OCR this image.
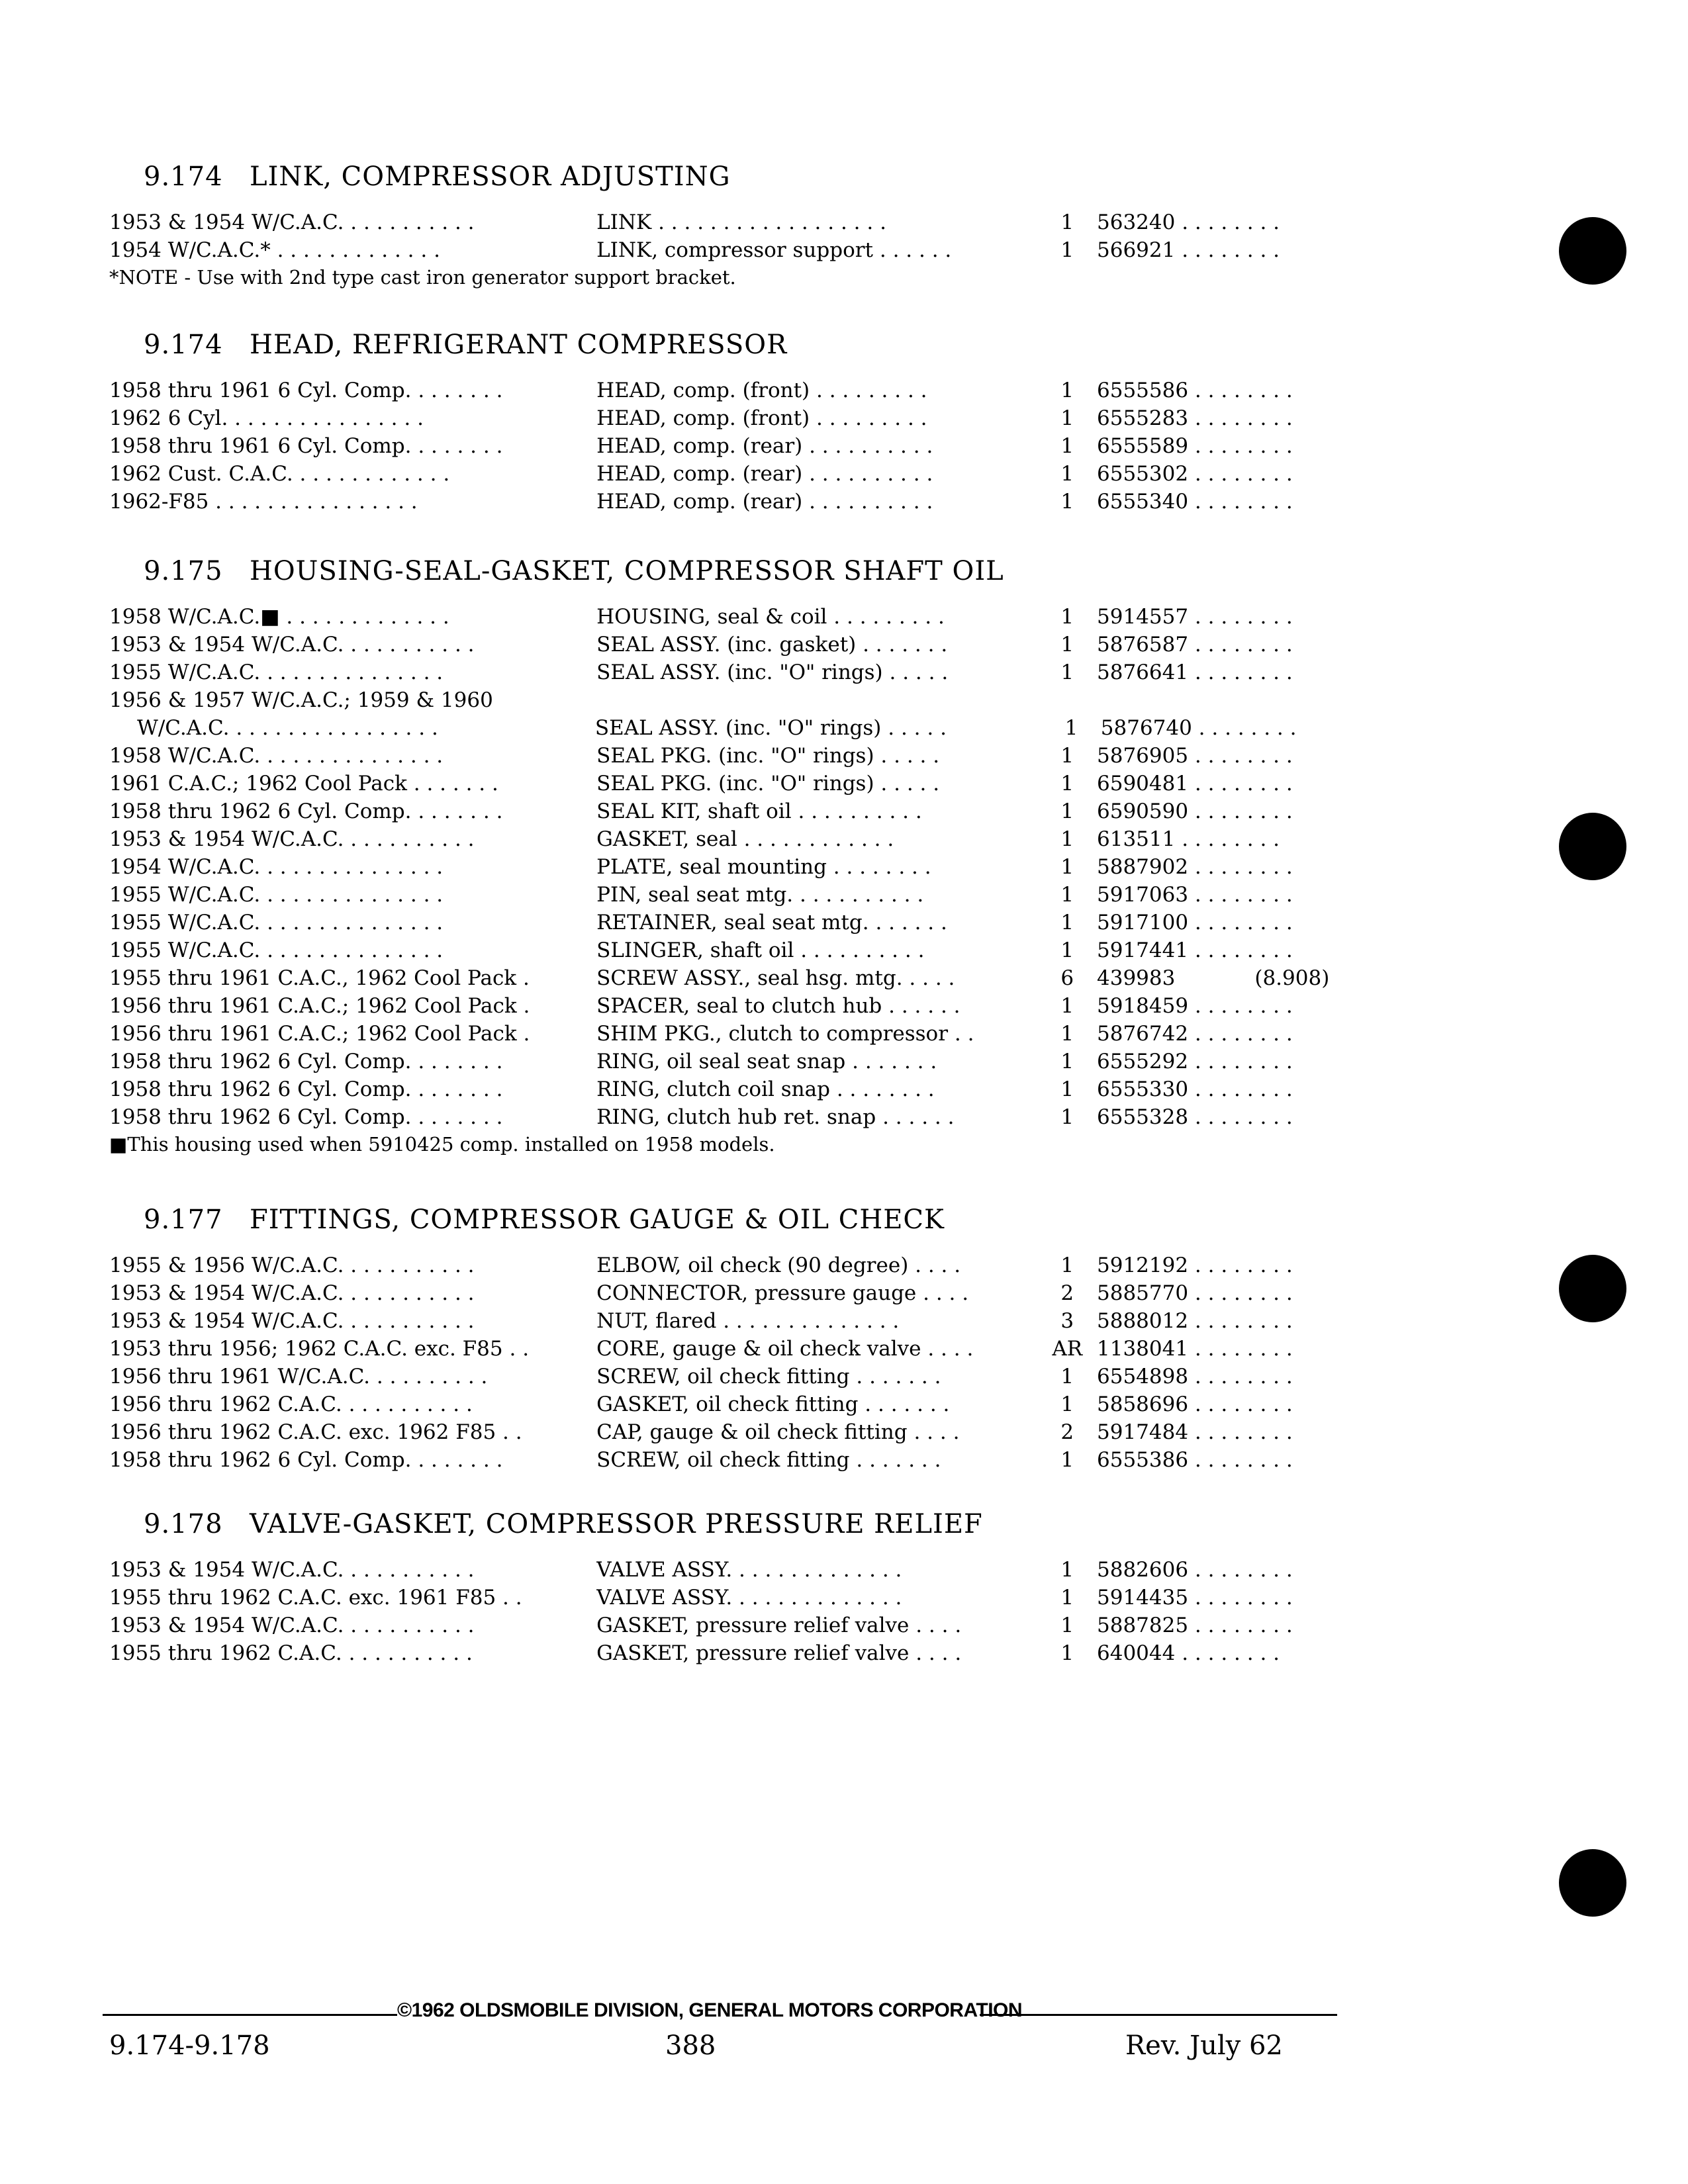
9.174 LINK, COMPRESSOR ADJUSTING
1953 & 1954 W/C.A.C. . . . . . . . . . .	LINK . . . . . . . . . . . . . . . . . .	1	563240 . . . . . . . .
1954 W/C.A.C.* . . . . . . . . . . . . .	LINK, compressor support . . . . . .	1	566921 . . . . . . . .
*NOTE - Use with 2nd type cast iron generator support bracket.
9.174 HEAD, REFRIGERANT COMPRESSOR
1958 thru 1961 6 Cyl. Comp. . . . . . . .	HEAD, comp. (front) . . . . . . . . .	1	6555586 . . . . . . . .
1962 6 Cyl. . . . . . . . . . . . . . . .	HEAD, comp. (front) . . . . . . . . .	1	6555283 . . . . . . . .
1958 thru 1961 6 Cyl. Comp. . . . . . . .	HEAD, comp. (rear) . . . . . . . . . .	1	6555589 . . . . . . . .
1962 Cust. C.A.C. . . . . . . . . . . . .	HEAD, comp. (rear) . . . . . . . . . .	1	6555302 . . . . . . . .
1962-F85 . . . . . . . . . . . . . . . .	HEAD, comp. (rear) . . . . . . . . . .	1	6555340 . . . . . . . .
9.175 HOUSING-SEAL-GASKET, COMPRESSOR SHAFT OIL
1958 W/C.A.C.■ . . . . . . . . . . . . .	HOUSING, seal & coil . . . . . . . . .	1	5914557 . . . . . . . .
1953 & 1954 W/C.A.C. . . . . . . . . . .	SEAL ASSY. (inc. gasket) . . . . . . .	1	5876587 . . . . . . . .
1955 W/C.A.C. . . . . . . . . . . . . . .	SEAL ASSY. (inc. "O" rings) . . . . .	1	5876641 . . . . . . . .
1956 & 1957 W/C.A.C.; 1959 & 1960
W/C.A.C. . . . . . . . . . . . . . . . .	SEAL ASSY. (inc. "O" rings) . . . . .	1	5876740 . . . . . . . .
1958 W/C.A.C. . . . . . . . . . . . . . .	SEAL PKG. (inc. "O" rings) . . . . .	1	5876905 . . . . . . . .
1961 C.A.C.; 1962 Cool Pack . . . . . . .	SEAL PKG. (inc. "O" rings) . . . . .	1	6590481 . . . . . . . .
1958 thru 1962 6 Cyl. Comp. . . . . . . .	SEAL KIT, shaft oil . . . . . . . . . .	1	6590590 . . . . . . . .
1953 & 1954 W/C.A.C. . . . . . . . . . .	GASKET, seal . . . . . . . . . . . .	1	613511 . . . . . . . .
1954 W/C.A.C. . . . . . . . . . . . . . .	PLATE, seal mounting . . . . . . . .	1	5887902 . . . . . . . .
1955 W/C.A.C. . . . . . . . . . . . . . .	PIN, seal seat mtg. . . . . . . . . . .	1	5917063 . . . . . . . .
1955 W/C.A.C. . . . . . . . . . . . . . .	RETAINER, seal seat mtg. . . . . . .	1	5917100 . . . . . . . .
1955 W/C.A.C. . . . . . . . . . . . . . .	SLINGER, shaft oil . . . . . . . . . .	1	5917441 . . . . . . . .
1955 thru 1961 C.A.C., 1962 Cool Pack .	SCREW ASSY., seal hsg. mtg. . . . .	6	439983	(8.908)
1956 thru 1961 C.A.C.; 1962 Cool Pack .	SPACER, seal to clutch hub . . . . . .	1	5918459 . . . . . . . .
1956 thru 1961 C.A.C.; 1962 Cool Pack .	SHIM PKG., clutch to compressor . .	1	5876742 . . . . . . . .
1958 thru 1962 6 Cyl. Comp. . . . . . . .	RING, oil seal seat snap . . . . . . .	1	6555292 . . . . . . . .
1958 thru 1962 6 Cyl. Comp. . . . . . . .	RING, clutch coil snap . . . . . . . .	1	6555330 . . . . . . . .
1958 thru 1962 6 Cyl. Comp. . . . . . . .	RING, clutch hub ret. snap . . . . . .	1	6555328 . . . . . . . .
■This housing used when 5910425 comp. installed on 1958 models.
9.177 FITTINGS, COMPRESSOR GAUGE & OIL CHECK
1955 & 1956 W/C.A.C. . . . . . . . . . .	ELBOW, oil check (90 degree) . . . .	1	5912192 . . . . . . . .
1953 & 1954 W/C.A.C. . . . . . . . . . .	CONNECTOR, pressure gauge . . . .	2	5885770 . . . . . . . .
1953 & 1954 W/C.A.C. . . . . . . . . . .	NUT, flared . . . . . . . . . . . . . .	3	5888012 . . . . . . . .
1953 thru 1956; 1962 C.A.C. exc. F85 . .	CORE, gauge & oil check valve . . . .	AR 1138041 . . . . . . . .
1956 thru 1961 W/C.A.C. . . . . . . . . .	SCREW, oil check fitting . . . . . . .	1	6554898 . . . . . . . .
1956 thru 1962 C.A.C. . . . . . . . . . .	GASKET, oil check fitting . . . . . . .	1	5858696 . . . . . . . .
1956 thru 1962 C.A.C. exc. 1962 F85 . .	CAP, gauge & oil check fitting . . . .	2	5917484 . . . . . . . .
1958 thru 1962 6 Cyl. Comp. . . . . . . .	SCREW, oil check fitting . . . . . . .	1	6555386 . . . . . . . .
9.178 VALVE-GASKET, COMPRESSOR PRESSURE RELIEF
1953 & 1954 W/C.A.C. . . . . . . . . . .	VALVE ASSY. . . . . . . . . . . . . .	1	5882606 . . . . . . . .
1955 thru 1962 C.A.C. exc. 1961 F85 . .	VALVE ASSY. . . . . . . . . . . . . .	1	5914435 . . . . . . . .
1953 & 1954 W/C.A.C. . . . . . . . . . .	GASKET, pressure relief valve . . . .	1	5887825 . . . . . . . .
1955 thru 1962 C.A.C. . . . . . . . . . .	GASKET, pressure relief valve . . . .	1	640044 . . . . . . . .
©1962 OLDSMOBILE DIVISION, GENERAL MOTORS CORPORATION
9.174-9.178	388	Rev. July 62
